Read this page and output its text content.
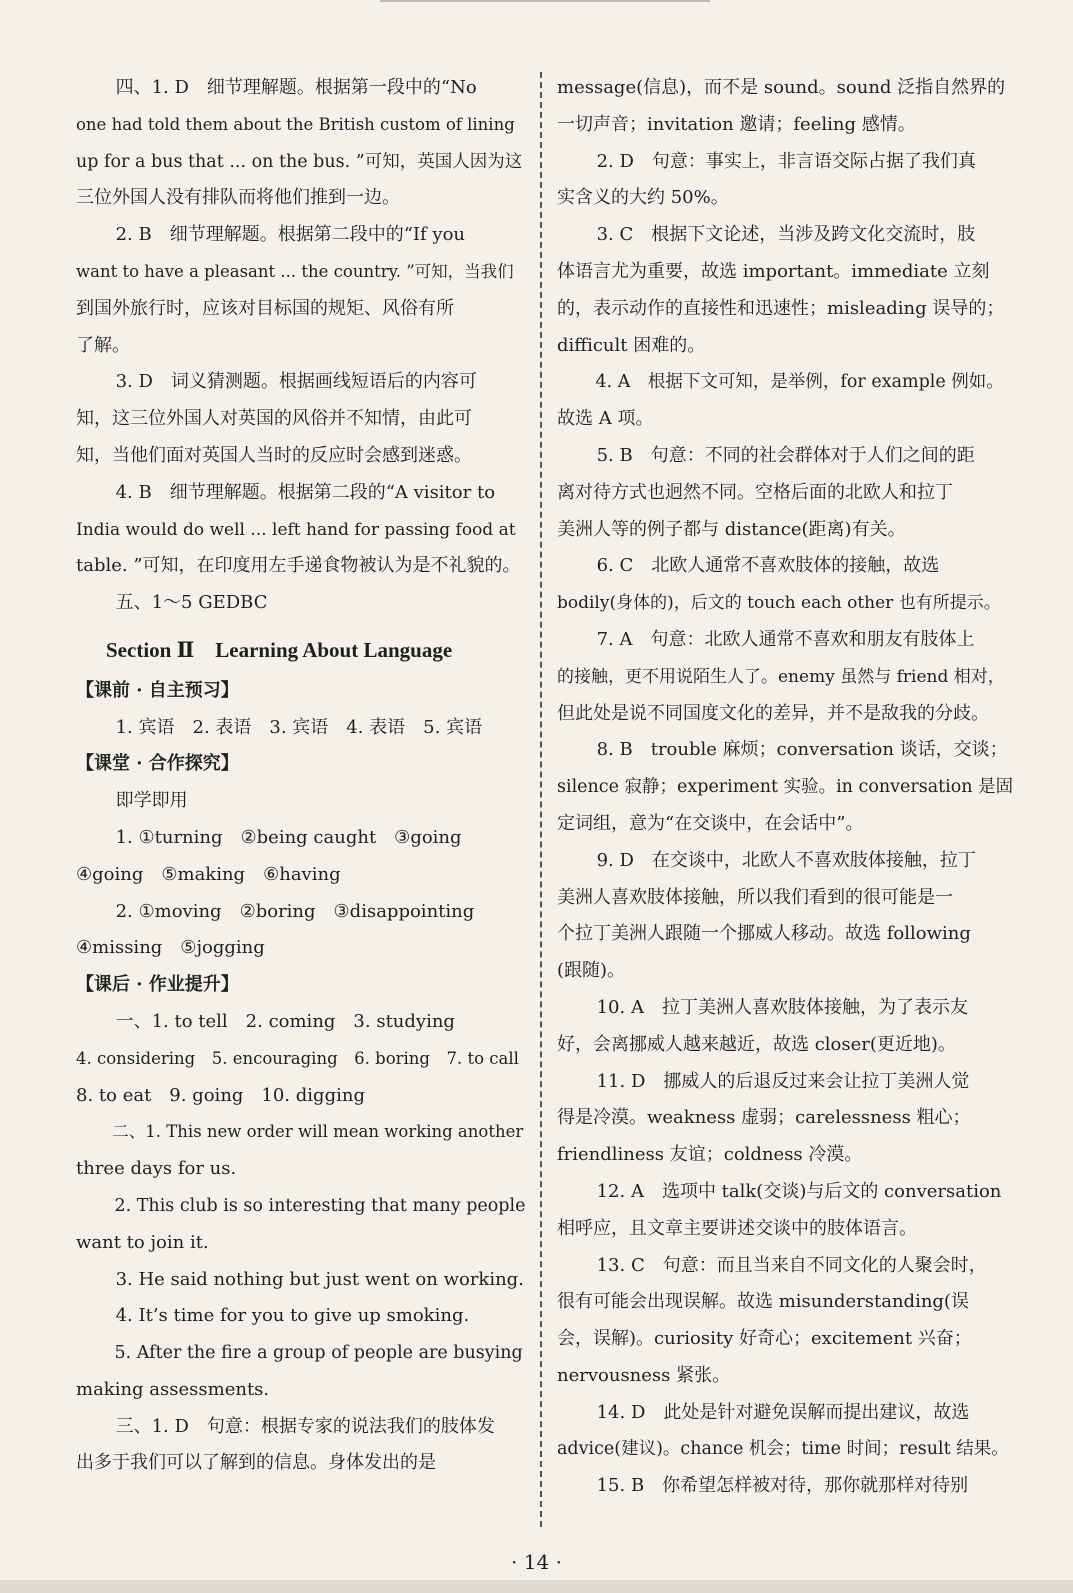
四、1. D　细节理解题。根据第一段中的“No

one had told them about the British custom of lining

up for a bus that ... on the bus. ”可知，英国人因为这

三位外国人没有排队而将他们推到一边。

2. B　细节理解题。根据第二段中的“If you

want to have a pleasant ... the country. ”可知，当我们

到国外旅行时，应该对目标国的规矩、风俗有所

了解。

3. D　词义猜测题。根据画线短语后的内容可

知，这三位外国人对英国的风俗并不知情，由此可

知，当他们面对英国人当时的反应时会感到迷惑。

4. B　细节理解题。根据第二段的“A visitor to

India would do well ... left hand for passing food at

table. ”可知，在印度用左手递食物被认为是不礼貌的。

五、1～5 GEDBC

Section Ⅱ　Learning About Language

【课前 · 自主预习】

1. 宾语　2. 表语　3. 宾语　4. 表语　5. 宾语

【课堂 · 合作探究】

即学即用

1. ①turning　②being caught　③going

④going　⑤making　⑥having

2. ①moving　②boring　③disappointing

④missing　⑤jogging

【课后 · 作业提升】

一、1. to tell　2. coming　3. studying

4. considering　5. encouraging　6. boring　7. to call

8. to eat　9. going　10. digging

二、1. This new order will mean working another

three days for us.

2. This club is so interesting that many people

want to join it.

3. He said nothing but just went on working.

4. It’s time for you to give up smoking.

5. After the fire a group of people are busying

making assessments.

三、1. D　句意：根据专家的说法我们的肢体发

出多于我们可以了解到的信息。身体发出的是

message(信息)，而不是 sound。sound 泛指自然界的

一切声音；invitation 邀请；feeling 感情。

2. D　句意：事实上，非言语交际占据了我们真

实含义的大约 50%。

3. C　根据下文论述，当涉及跨文化交流时，肢

体语言尤为重要，故选 important。immediate 立刻

的，表示动作的直接性和迅速性；misleading 误导的；

difficult 困难的。

4. A　根据下文可知，是举例，for example 例如。

故选 A 项。

5. B　句意：不同的社会群体对于人们之间的距

离对待方式也迥然不同。空格后面的北欧人和拉丁

美洲人等的例子都与 distance(距离)有关。

6. C　北欧人通常不喜欢肢体的接触，故选

bodily(身体的)，后文的 touch each other 也有所提示。

7. A　句意：北欧人通常不喜欢和朋友有肢体上

的接触，更不用说陌生人了。enemy 虽然与 friend 相对，

但此处是说不同国度文化的差异，并不是敌我的分歧。

8. B　trouble 麻烦；conversation 谈话，交谈；

silence 寂静；experiment 实验。in conversation 是固

定词组，意为“在交谈中，在会话中”。

9. D　在交谈中，北欧人不喜欢肢体接触，拉丁

美洲人喜欢肢体接触，所以我们看到的很可能是一

个拉丁美洲人跟随一个挪威人移动。故选 following

(跟随)。

10. A　拉丁美洲人喜欢肢体接触，为了表示友

好，会离挪威人越来越近，故选 closer(更近地)。

11. D　挪威人的后退反过来会让拉丁美洲人觉

得是冷漠。weakness 虚弱；carelessness 粗心；

friendliness 友谊；coldness 冷漠。

12. A　选项中 talk(交谈)与后文的 conversation

相呼应，且文章主要讲述交谈中的肢体语言。

13. C　句意：而且当来自不同文化的人聚会时，

很有可能会出现误解。故选 misunderstanding(误

会，误解)。curiosity 好奇心；excitement 兴奋；

nervousness 紧张。

14. D　此处是针对避免误解而提出建议，故选

advice(建议)。chance 机会；time 时间；result 结果。

15. B　你希望怎样被对待，那你就那样对待别

· 14 ·
